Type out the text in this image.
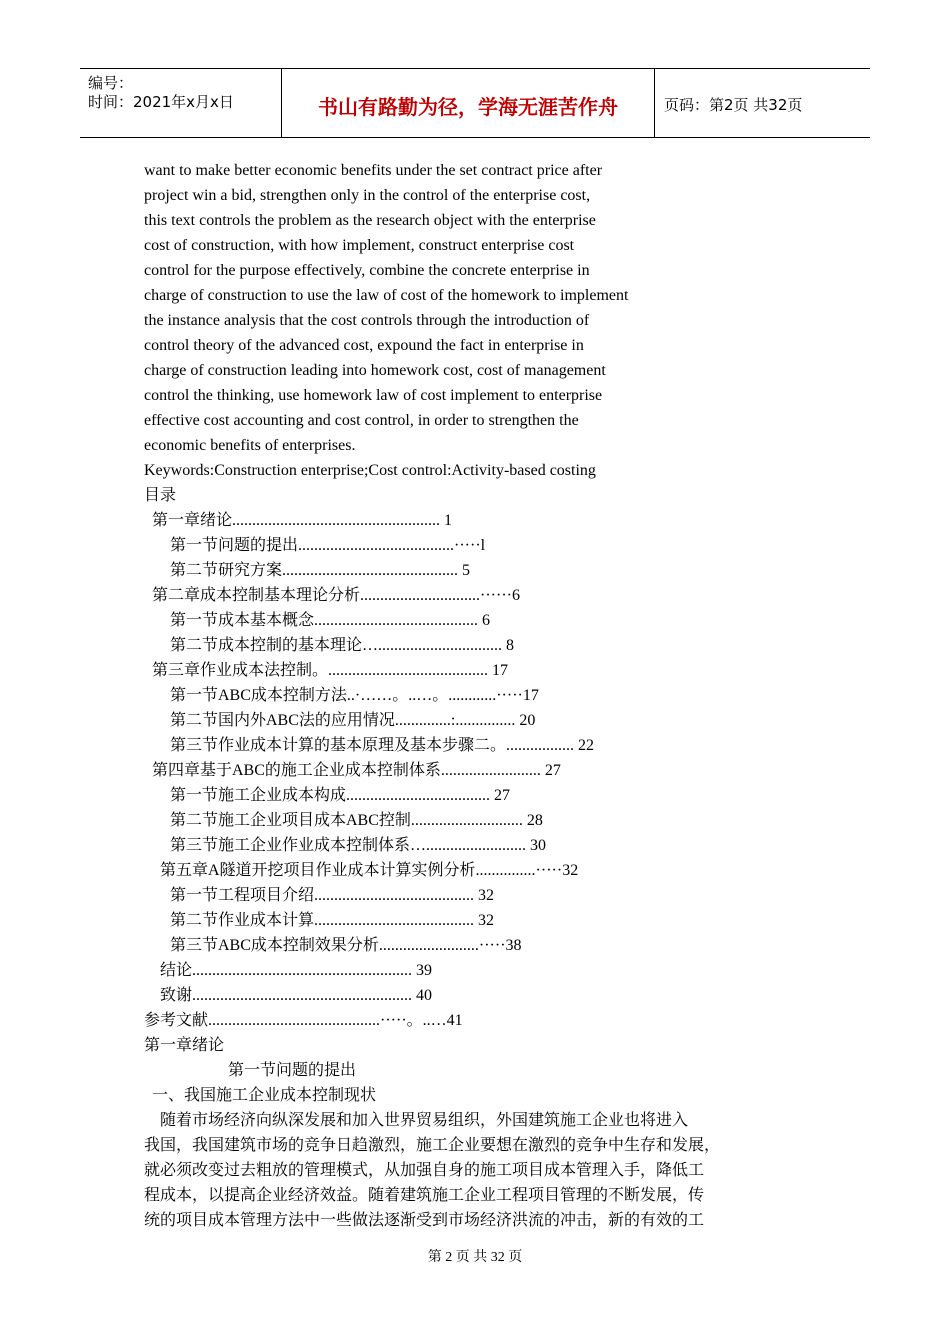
编号：
时间：2021年x月x日	书山有路勤为径，学海无涯苦作舟	页码：第2页 共32页
want to make better economic benefits under the set contract price after
project win a bid, strengthen only in the control of the enterprise cost,
this text controls the problem as the research object with the enterprise
cost of construction, with how implement, construct enterprise cost
control for the purpose effectively, combine the concrete enterprise in
charge of construction to use the law of cost of the homework to implement
the instance analysis that the cost controls through the introduction of
control theory of the advanced cost, expound the fact in enterprise in
charge of construction leading into homework cost, cost of management
control the thinking, use homework law of cost implement to enterprise
effective cost accounting and cost control, in order to strengthen the
economic benefits of enterprises.
Keywords:Construction enterprise;Cost control:Activity-based costing
目录
第一章绪论.................................................... 1
第一节问题的提出.......................................·····l
第二节研究方案............................................ 5
第二章成本控制基本理论分析..............................······6
第一节成本基本概念......................................... 6
第二节成本控制的基本理论…............................... 8
第三章作业成本法控制。........................................ 17
第一节ABC成本控制方法..·……。..…。............·····17
第二节国内外ABC法的应用情况..............:............... 20
第三节作业成本计算的基本原理及基本步骤二。................. 22
第四章基于ABC的施工企业成本控制体系......................... 27
第一节施工企业成本构成.................................... 27
第二节施工企业项目成本ABC控制............................ 28
第三节施工企业作业成本控制体系…......................... 30
第五章A隧道开挖项目作业成本计算实例分析...............·····32
第一节工程项目介绍........................................ 32
第二节作业成本计算........................................ 32
第三节ABC成本控制效果分析.........................·····38
结论....................................................... 39
致谢....................................................... 40
参考文献...........................................·····。..…41
第一章绪论
第一节问题的提出
一、我国施工企业成本控制现状
随着市场经济向纵深发展和加入世界贸易组织，外国建筑施工企业也将进入
我国，我国建筑市场的竞争日趋激烈，施工企业要想在激烈的竞争中生存和发展，
就必须改变过去粗放的管理模式，从加强自身的施工项目成本管理入手，降低工
程成本，以提高企业经济效益。随着建筑施工企业工程项目管理的不断发展，传
统的项目成本管理方法中一些做法逐渐受到市场经济洪流的冲击，新的有效的工
第 2 页 共 32 页
